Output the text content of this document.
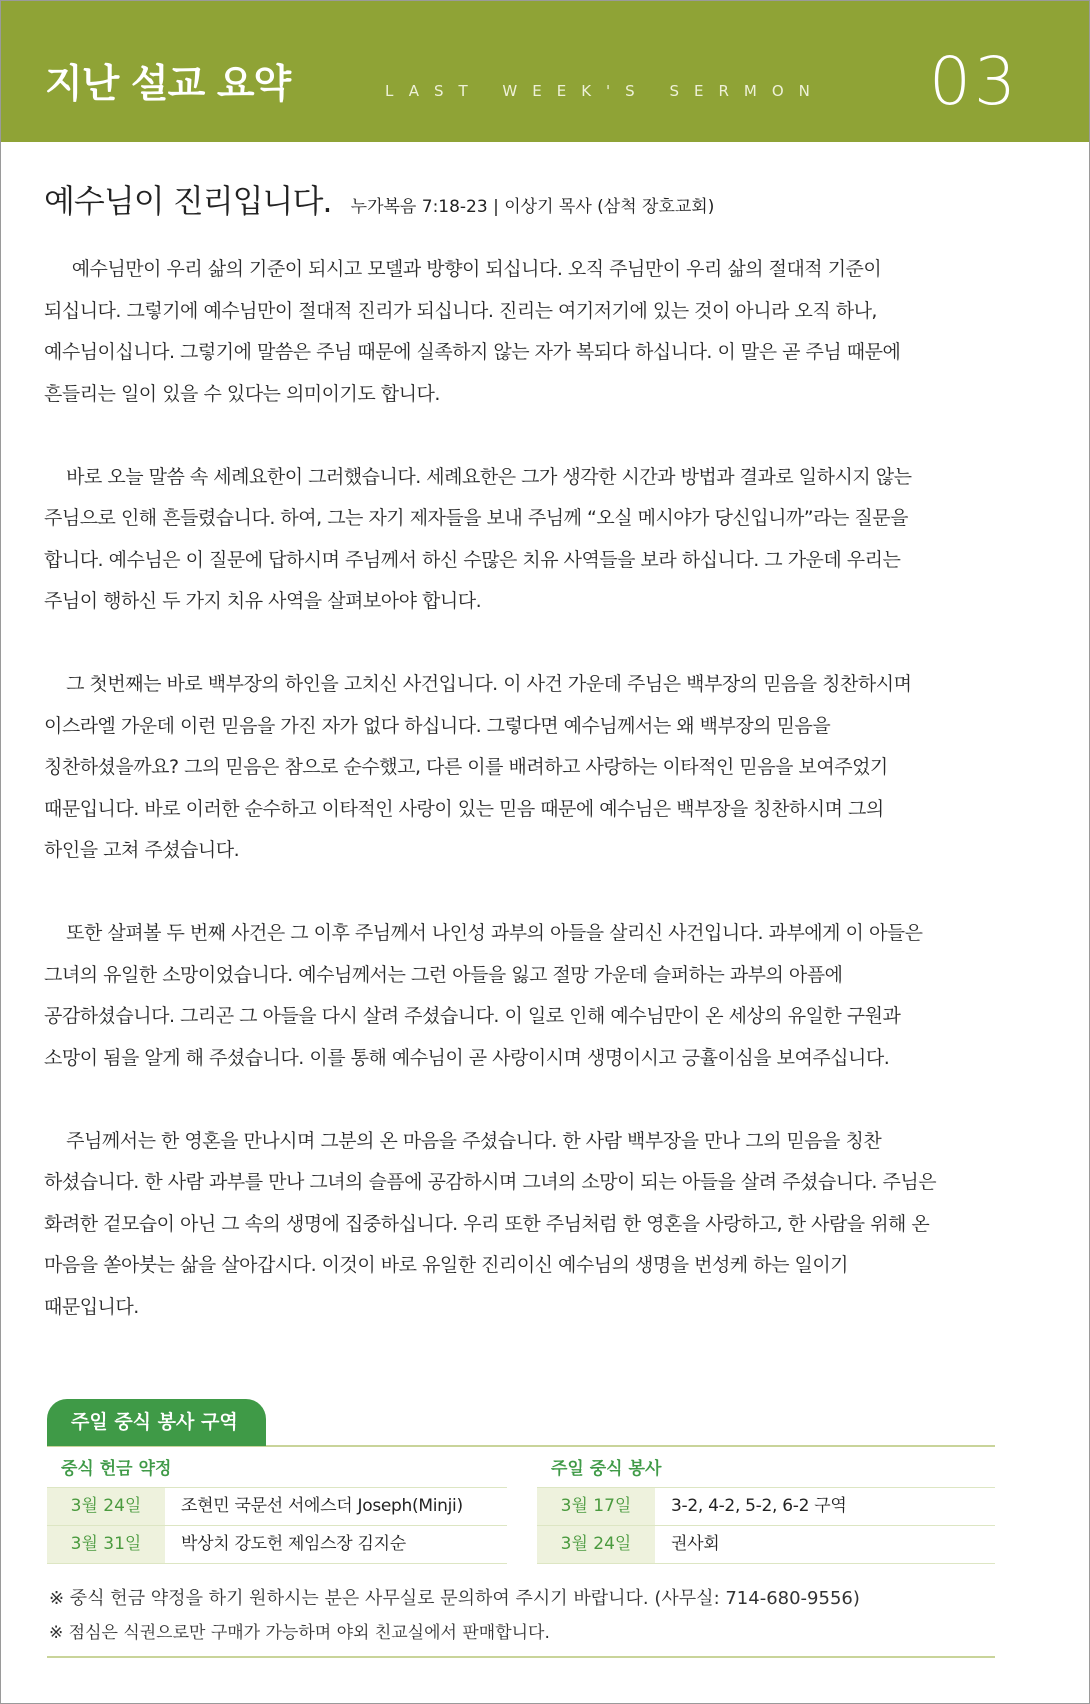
지난 설교 요약	LAST WEEK'S SERMON 03
예수님이 진리입니다. 누가복음 7:18-23 | 이상기 목사 (삼척 장호교회)
예수님만이 우리 삶의 기준이 되시고 모델과 방향이 되십니다. 오직 주님만이 우리 삶의 절대적 기준이
되십니다. 그렇기에 예수님만이 절대적 진리가 되십니다. 진리는 여기저기에 있는 것이 아니라 오직 하나,
예수님이십니다. 그렇기에 말씀은 주님 때문에 실족하지 않는 자가 복되다 하십니다. 이 말은 곧 주님 때문에
흔들리는 일이 있을 수 있다는 의미이기도 합니다.
바로 오늘 말씀 속 세례요한이 그러했습니다. 세례요한은 그가 생각한 시간과 방법과 결과로 일하시지 않는
주님으로 인해 흔들렸습니다. 하여, 그는 자기 제자들을 보내 주님께 “오실 메시야가 당신입니까”라는 질문을
합니다. 예수님은 이 질문에 답하시며 주님께서 하신 수많은 치유 사역들을 보라 하십니다. 그 가운데 우리는
주님이 행하신 두 가지 치유 사역을 살펴보아야 합니다.
그 첫번째는 바로 백부장의 하인을 고치신 사건입니다. 이 사건 가운데 주님은 백부장의 믿음을 칭찬하시며
이스라엘 가운데 이런 믿음을 가진 자가 없다 하십니다. 그렇다면 예수님께서는 왜 백부장의 믿음을
칭찬하셨을까요? 그의 믿음은 참으로 순수했고, 다른 이를 배려하고 사랑하는 이타적인 믿음을 보여주었기
때문입니다. 바로 이러한 순수하고 이타적인 사랑이 있는 믿음 때문에 예수님은 백부장을 칭찬하시며 그의
하인을 고쳐 주셨습니다.
또한 살펴볼 두 번째 사건은 그 이후 주님께서 나인성 과부의 아들을 살리신 사건입니다. 과부에게 이 아들은
그녀의 유일한 소망이었습니다. 예수님께서는 그런 아들을 잃고 절망 가운데 슬퍼하는 과부의 아픔에
공감하셨습니다. 그리곤 그 아들을 다시 살려 주셨습니다. 이 일로 인해 예수님만이 온 세상의 유일한 구원과
소망이 됨을 알게 해 주셨습니다. 이를 통해 예수님이 곧 사랑이시며 생명이시고 긍휼이심을 보여주십니다.
주님께서는 한 영혼을 만나시며 그분의 온 마음을 주셨습니다. 한 사람 백부장을 만나 그의 믿음을 칭찬
하셨습니다. 한 사람 과부를 만나 그녀의 슬픔에 공감하시며 그녀의 소망이 되는 아들을 살려 주셨습니다. 주님은
화려한 겉모습이 아닌 그 속의 생명에 집중하십니다. 우리 또한 주님처럼 한 영혼을 사랑하고, 한 사람을 위해 온
마음을 쏟아붓는 삶을 살아갑시다. 이것이 바로 유일한 진리이신 예수님의 생명을 번성케 하는 일이기
때문입니다.
주일 중식 봉사 구역
중식 헌금 약정
3월 24일	조현민 국문선 서에스더 Joseph(Minji)
3월 31일	박상치 강도헌 제임스장 김지순
주일 중식 봉사
3월 17일	3-2, 4-2, 5-2, 6-2 구역
3월 24일	권사회
※ 중식 헌금 약정을 하기 원하시는 분은 사무실로 문의하여 주시기 바랍니다. (사무실: 714-680-9556)
※ 점심은 식권으로만 구매가 가능하며 야외 친교실에서 판매합니다.
